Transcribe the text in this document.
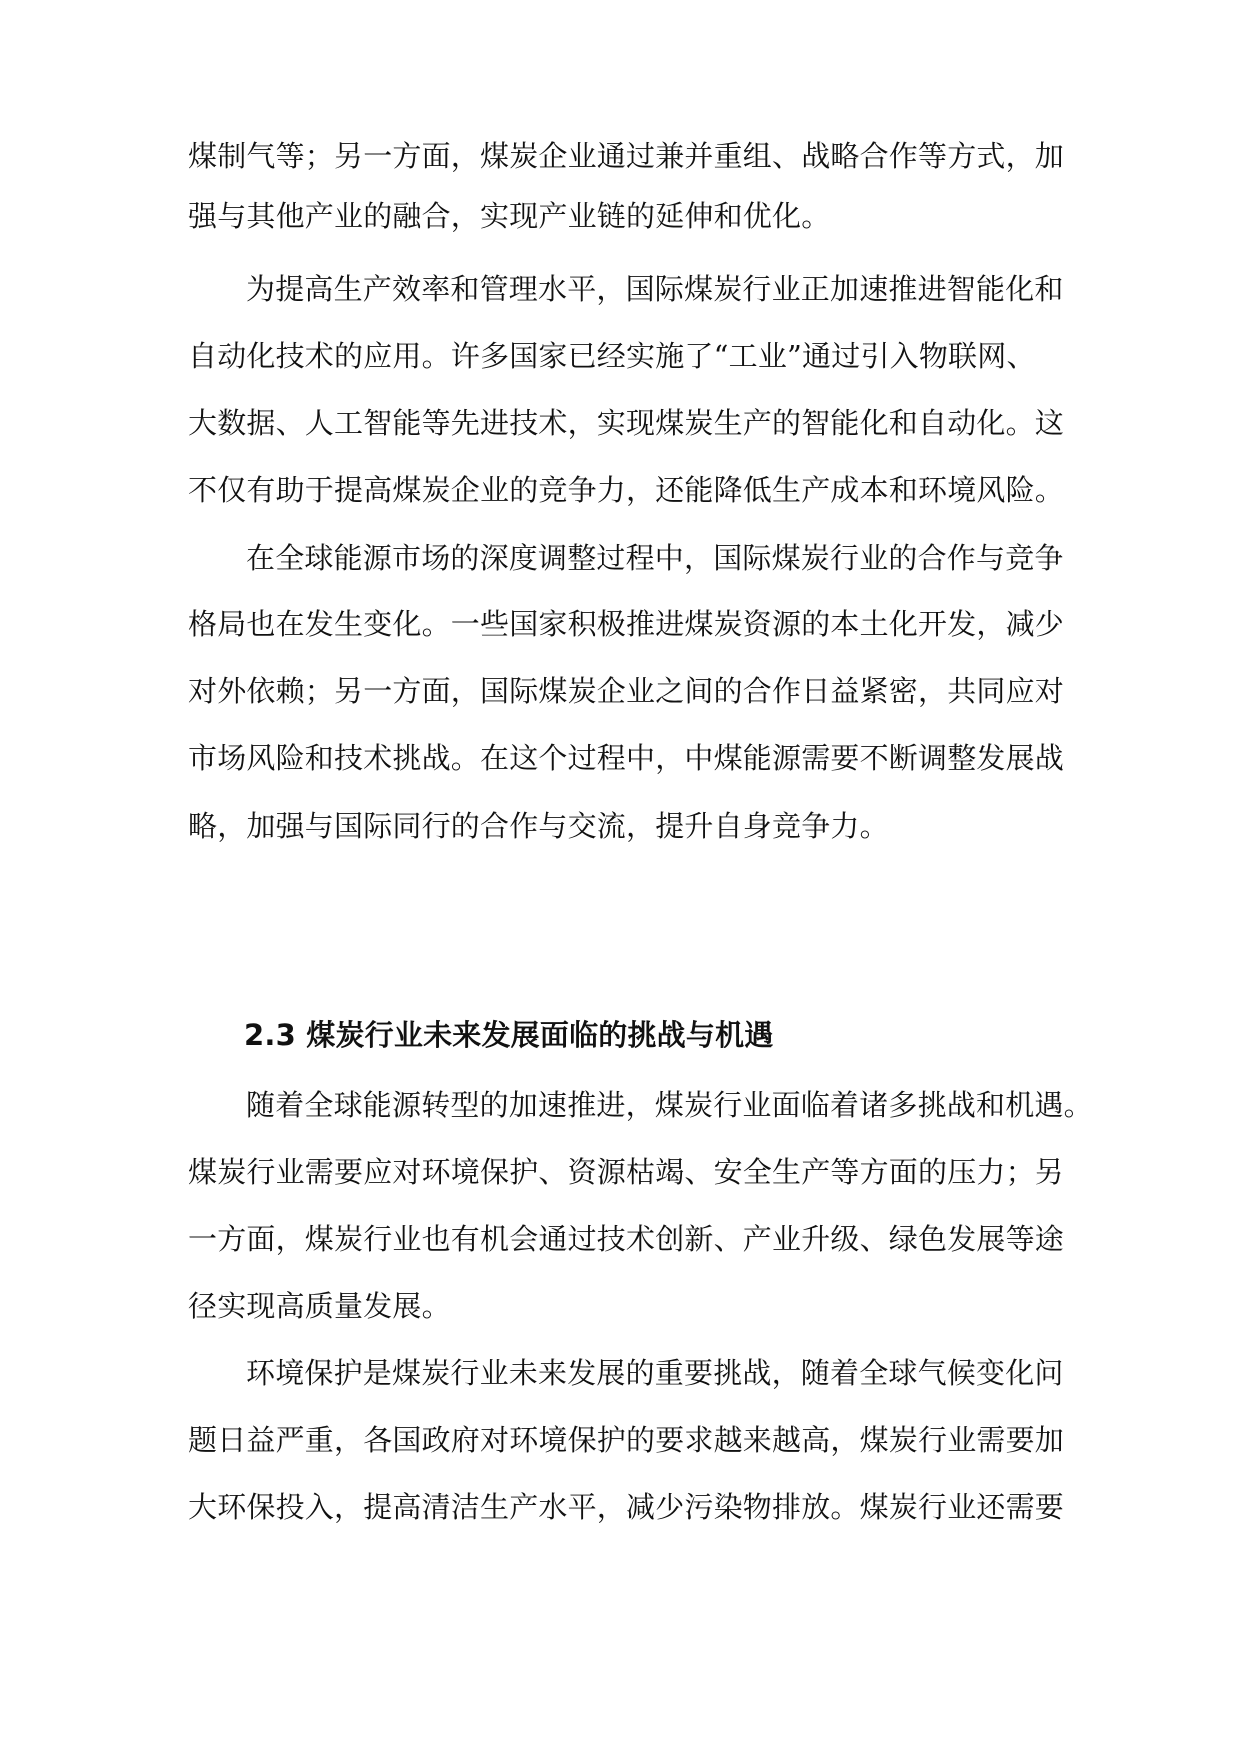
煤制气等；另一方面，煤炭企业通过兼并重组、战略合作等方式，加
强与其他产业的融合，实现产业链的延伸和优化。
为提高生产效率和管理水平，国际煤炭行业正加速推进智能化和
自动化技术的应用。许多国家已经实施了“工业”通过引入物联网、
大数据、人工智能等先进技术，实现煤炭生产的智能化和自动化。这
不仅有助于提高煤炭企业的竞争力，还能降低生产成本和环境风险。
在全球能源市场的深度调整过程中，国际煤炭行业的合作与竞争
格局也在发生变化。一些国家积极推进煤炭资源的本土化开发，减少
对外依赖；另一方面，国际煤炭企业之间的合作日益紧密，共同应对
市场风险和技术挑战。在这个过程中，中煤能源需要不断调整发展战
略，加强与国际同行的合作与交流，提升自身竞争力。
2.3 煤炭行业未来发展面临的挑战与机遇
随着全球能源转型的加速推进，煤炭行业面临着诸多挑战和机遇。
煤炭行业需要应对环境保护、资源枯竭、安全生产等方面的压力；另
一方面，煤炭行业也有机会通过技术创新、产业升级、绿色发展等途
径实现高质量发展。
环境保护是煤炭行业未来发展的重要挑战，随着全球气候变化问
题日益严重，各国政府对环境保护的要求越来越高，煤炭行业需要加
大环保投入，提高清洁生产水平，减少污染物排放。煤炭行业还需要
